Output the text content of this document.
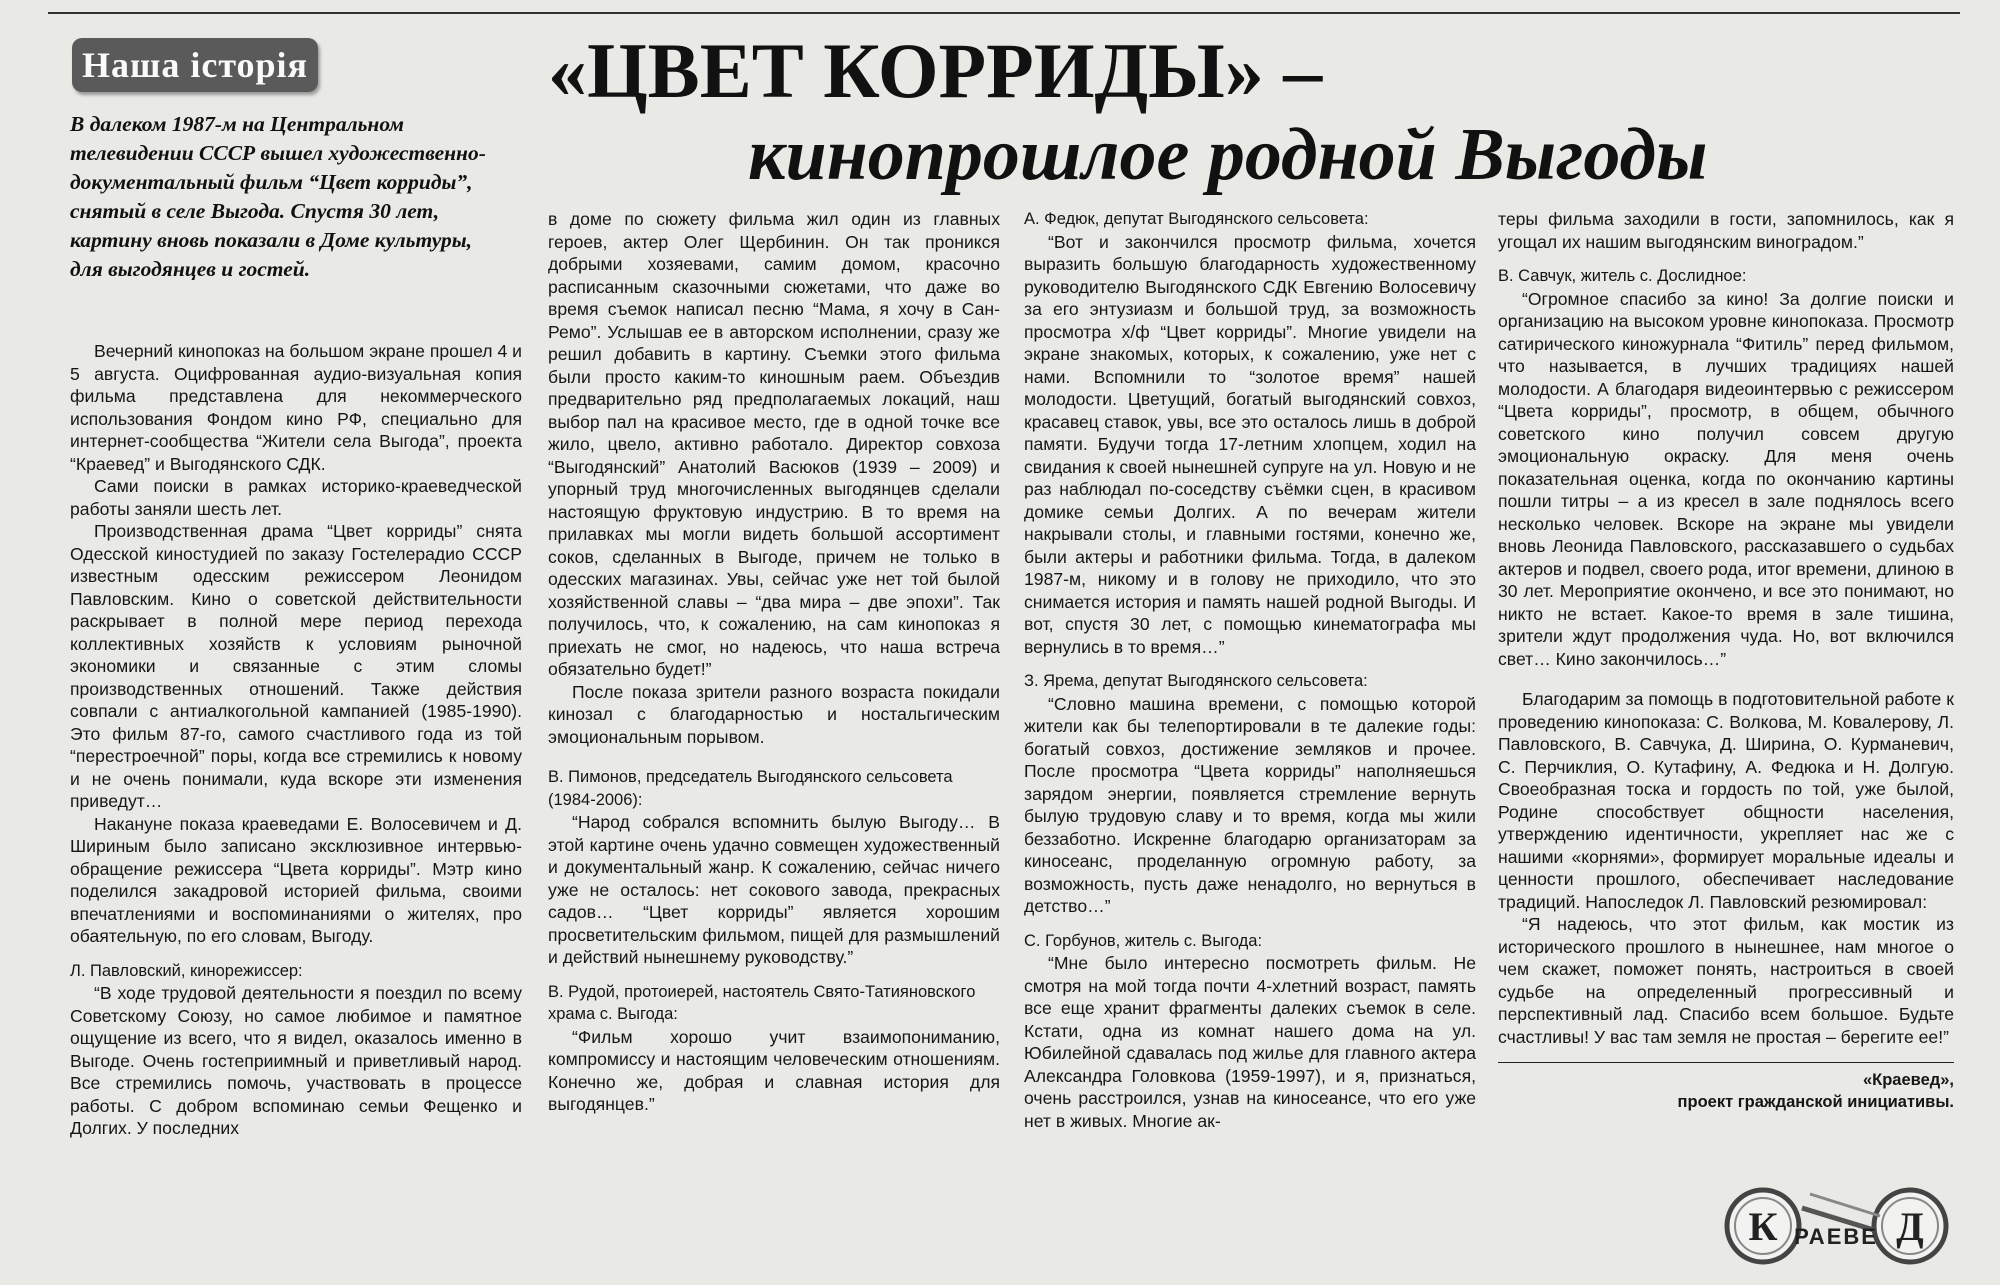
Наша історія	«ЦВЕТ КОРРИДЫ» –
кинопрошлое родной Выгоды
В далеком 1987-м на Центральном телевидении СССР вышел художественно-документальный фильм “Цвет корриды”, снятый в селе Выгода. Спустя 30 лет, картину вновь показали в Доме культуры, для выгодянцев и гостей.

Вечерний кинопоказ на большом экране прошел 4 и 5 августа. Оцифрованная аудио-визуальная копия фильма представлена для некоммерческого использования Фондом кино РФ, специально для интернет-сообщества “Жители села Выгода”, проекта “Краевед” и Выгодянского СДК.

Сами поиски в рамках историко-краеведческой работы заняли шесть лет.

Производственная драма “Цвет корриды” снята Одесской киностудией по заказу Гостелерадио СССР известным одесским режиссером Леонидом Павловским. Кино о советской действительности раскрывает в полной мере период перехода коллективных хозяйств к условиям рыночной экономики и связанные с этим сломы производственных отношений. Также действия совпали с антиалкогольной кампанией (1985-1990). Это фильм 87-го, самого счастливого года из той “перестроечной” поры, когда все стремились к новому и не очень понимали, куда вскоре эти изменения приведут…

Накануне показа краеведами Е. Волосевичем и Д. Шириным было записано эксклюзивное интервью-обращение режиссера “Цвета корриды”. Мэтр кино поделился закадровой историей фильма, своими впечатлениями и воспоминаниями о жителях, про обаятельную, по его словам, Выгоду.

Л. Павловский, кинорежиссер:

“В ходе трудовой деятельности я поездил по всему Советскому Союзу, но самое любимое и памятное ощущение из всего, что я видел, оказалось именно в Выгоде. Очень гостеприимный и приветливый народ. Все стремились помочь, участвовать в процессе работы. С добром вспоминаю семьи Фещенко и Долгих. У последних

в доме по сюжету фильма жил один из главных героев, актер Олег Щербинин. Он так проникся добрыми хозяевами, самим домом, красочно расписанным сказочными сюжетами, что даже во время съемок написал песню “Мама, я хочу в Сан-Ремо”. Услышав ее в авторском исполнении, сразу же решил добавить в картину. Съемки этого фильма были просто каким-то киношным раем. Объездив предварительно ряд предполагаемых локаций, наш выбор пал на красивое место, где в одной точке все жило, цвело, активно работало. Директор совхоза “Выгодянский” Анатолий Васюков (1939 – 2009) и упорный труд многочисленных выгодянцев сделали настоящую фруктовую индустрию. В то время на прилавках мы могли видеть большой ассортимент соков, сделанных в Выгоде, причем не только в одесских магазинах. Увы, сейчас уже нет той былой хозяйственной славы – “два мира – две эпохи”. Так получилось, что, к сожалению, на сам кинопоказ я приехать не смог, но надеюсь, что наша встреча обязательно будет!”

После показа зрители разного возраста покидали кинозал с благодарностью и ностальгическим эмоциональным порывом.

В. Пимонов, председатель Выгодянского сельсовета (1984-2006):

“Народ собрался вспомнить былую Выгоду… В этой картине очень удачно совмещен художественный и документальный жанр. К сожалению, сейчас ничего уже не осталось: нет сокового завода, прекрасных садов… “Цвет корриды” является хорошим просветительским фильмом, пищей для размышлений и действий нынешнему руководству.”

В. Рудой, протоиерей, настоятель Свято-Татияновского храма с. Выгода:

“Фильм хорошо учит взаимопониманию, компромиссу и настоящим человеческим отношениям. Конечно же, добрая и славная история для выгодянцев.”

А. Федюк, депутат Выгодянского сельсовета:

“Вот и закончился просмотр фильма, хочется выразить большую благодарность художественному руководителю Выгодянского СДК Евгению Волосевичу за его энтузиазм и большой труд, за возможность просмотра х/ф “Цвет корриды”. Многие увидели на экране знакомых, которых, к сожалению, уже нет с нами. Вспомнили то “золотое время” нашей молодости. Цветущий, богатый выгодянский совхоз, красавец ставок, увы, все это осталось лишь в доброй памяти. Будучи тогда 17-летним хлопцем, ходил на свидания к своей нынешней супруге на ул. Новую и не раз наблюдал по-соседству съёмки сцен, в красивом домике семьи Долгих. А по вечерам жители накрывали столы, и главными гостями, конечно же, были актеры и работники фильма. Тогда, в далеком 1987-м, никому и в голову не приходило, что это снимается история и память нашей родной Выгоды. И вот, спустя 30 лет, с помощью кинематографа мы вернулись в то время…”

З. Ярема, депутат Выгодянского сельсовета:

“Словно машина времени, с помощью которой жители как бы телепортировали в те далекие годы: богатый совхоз, достижение земляков и прочее. После просмотра “Цвета корриды” наполняешься зарядом энергии, появляется стремление вернуть былую трудовую славу и то время, когда мы жили беззаботно. Искренне благодарю организаторам за киносеанс, проделанную огромную работу, за возможность, пусть даже ненадолго, но вернуться в детство…”

С. Горбунов, житель с. Выгода:

“Мне было интересно посмотреть фильм. Не смотря на мой тогда почти 4-хлетний возраст, память все еще хранит фрагменты далеких съемок в селе. Кстати, одна из комнат нашего дома на ул. Юбилейной сдавалась под жилье для главного актера Александра Головкова (1959-1997), и я, признаться, очень расстроился, узнав на киносеансе, что его уже нет в живых. Многие ак-

теры фильма заходили в гости, запомнилось, как я угощал их нашим выгодянским виноградом.”

В. Савчук, житель с. Дослидное:

“Огромное спасибо за кино! За долгие поиски и организацию на высоком уровне кинопоказа. Просмотр сатирического киножурнала “Фитиль” перед фильмом, что называется, в лучших традициях нашей молодости. А благодаря видеоинтервью с режиссером “Цвета корриды”, просмотр, в общем, обычного советского кино получил совсем другую эмоциональную окраску. Для меня очень показательная оценка, когда по окончанию картины пошли титры – а из кресел в зале поднялось всего несколько человек. Вскоре на экране мы увидели вновь Леонида Павловского, рассказавшего о судьбах актеров и подвел, своего рода, итог времени, длиною в 30 лет. Мероприятие окончено, и все это понимают, но никто не встает. Какое-то время в зале тишина, зрители ждут продолжения чуда. Но, вот включился свет… Кино закончилось…”

Благодарим за помощь в подготовительной работе к проведению кинопоказа: С. Волкова, М. Ковалерову, Л. Павловского, В. Савчука, Д. Ширина, О. Курманевич, С. Перчиклия, О. Кутафину, А. Федюка и Н. Долгую. Своеобразная тоска и гордость по той, уже былой, Родине способствует общности населения, утверждению идентичности, укрепляет нас же с нашими «корнями», формирует моральные идеалы и ценности прошлого, обеспечивает наследование традиций. Напоследок Л. Павловский резюмировал:

“Я надеюсь, что этот фильм, как мостик из исторического прошлого в нынешнее, нам многое о чем скажет, поможет понять, настроиться в своей судьбе на определенный прогрессивный и перспективный лад. Спасибо всем большое. Будьте счастливы! У вас там земля не простая – берегите ее!”

«Краевед»,
проект гражданской инициативы.
К РАЕВЕ Д
